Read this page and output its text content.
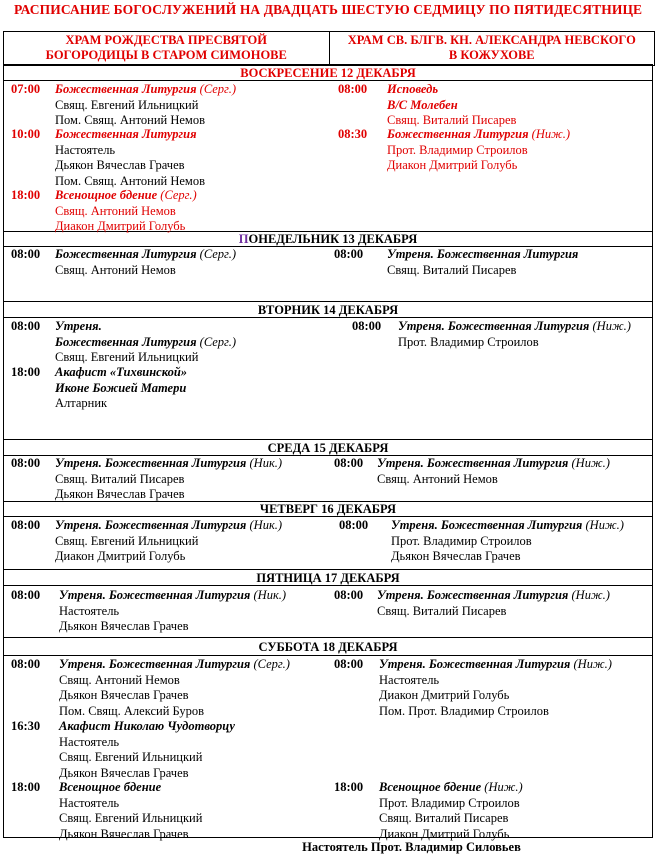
РАСПИСАНИЕ БОГОСЛУЖЕНИЙ НА ДВАДЦАТЬ ШЕСТУЮ СЕДМИЦУ ПО ПЯТИДЕСЯТНИЦЕ
ХРАМ РОЖДЕСТВА ПРЕСВЯТОЙ
БОГОРОДИЦЫ В СТАРОМ СИМОНОВЕ
ХРАМ СВ. БЛГВ. КН. АЛЕКСАНДРА НЕВСКОГО
В КОЖУХОВЕ
ВОСКРЕСЕНИЕ 12 ДЕКАБРЯ
07:00 Божественная Литургия (Серг.)
Свящ. Евгений Ильницкий
Пом. Свящ. Антоний Немов
10:00 Божественная Литургия
Настоятель
Дьякон Вячеслав Грачев
Пом. Свящ. Антоний Немов
18:00 Всенощное бдение (Серг.)
Свящ. Антоний Немов
Диакон Дмитрий Голубь
08:00 Исповедь
В/С Молебен
Свящ. Виталий Писарев
08:30 Божественная Литургия (Ниж.)
Прот. Владимир Строилов
Диакон Дмитрий Голубь
ПОНЕДЕЛЬНИК 13 ДЕКАБРЯ
08:00 Божественная Литургия (Серг.)
Свящ. Антоний Немов
08:00 Утреня. Божественная Литургия
Свящ. Виталий Писарев
ВТОРНИК 14 ДЕКАБРЯ
08:00 Утреня.
Божественная Литургия (Серг.)
Свящ. Евгений Ильницкий
18:00 Акафист «Тихвинской»
Иконе Божией Матери
Алтарник
08:00 Утреня. Божественная Литургия (Ниж.)
Прот. Владимир Строилов
СРЕДА 15 ДЕКАБРЯ
08:00 Утреня. Божественная Литургия (Ник.)
Свящ. Виталий Писарев
Дьякон Вячеслав Грачев
08:00 Утреня. Божественная Литургия (Ниж.)
Свящ. Антоний Немов
ЧЕТВЕРГ 16 ДЕКАБРЯ
08:00 Утреня. Божественная Литургия (Ник.)
Свящ. Евгений Ильницкий
Диакон Дмитрий Голубь
08:00 Утреня. Божественная Литургия (Ниж.)
Прот. Владимир Строилов
Дьякон Вячеслав Грачев
ПЯТНИЦА 17 ДЕКАБРЯ
08:00 Утреня. Божественная Литургия (Ник.)
Настоятель
Дьякон Вячеслав Грачев
08:00 Утреня. Божественная Литургия (Ниж.)
Свящ. Виталий Писарев
СУББОТА 18 ДЕКАБРЯ
08:00 Утреня. Божественная Литургия (Серг.)
Свящ. Антоний Немов
Дьякон Вячеслав Грачев
Пом. Свящ. Алексий Буров
16:30 Акафист Николаю Чудотворцу
Настоятель
Свящ. Евгений Ильницкий
Дьякон Вячеслав Грачев
18:00 Всенощное бдение
Настоятель
Свящ. Евгений Ильницкий
Дьякон Вячеслав Грачев
08:00 Утреня. Божественная Литургия (Ниж.)
Настоятель
Диакон Дмитрий Голубь
Пом. Прот. Владимир Строилов
18:00 Всенощное бдение (Ниж.)
Прот. Владимир Строилов
Свящ. Виталий Писарев
Диакон Дмитрий Голубь
Настоятель Прот. Владимир Силовьев
